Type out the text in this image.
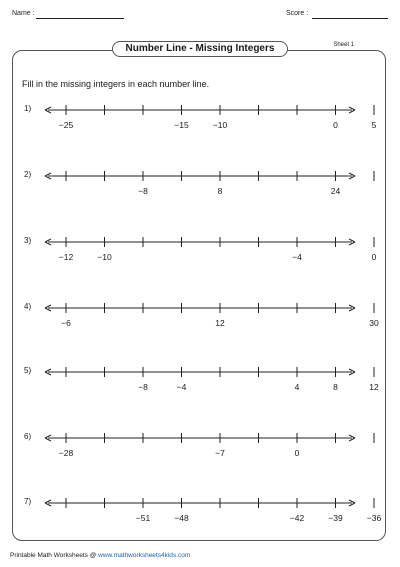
Name :	Score :
Number Line - Missing Integers	Sheet 1
Fill in the missing integers in each number line.
1)
−25	−15	−10	0	5
2)
−8	8	24
3)
−12	−10	−4	0
4)
−6	12	30
5)
−8	−4	4	8	12
6)
−28	−7	0
7)
−51	−48	−42	−39	−36
Printable Math Worksheets @ www.mathworksheets4kids.com
